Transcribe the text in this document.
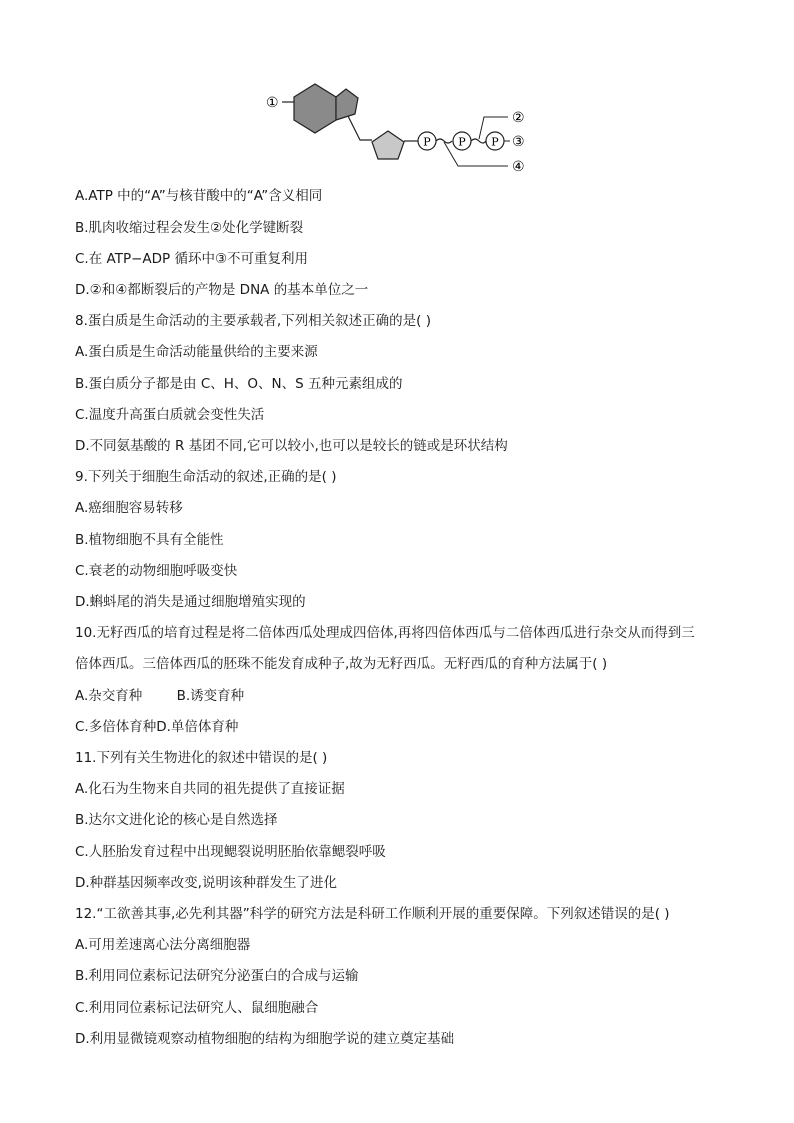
①
P
④
P
②
P ③
A.ATP 中的“A”与核苷酸中的“A”含义相同
B.肌肉收缩过程会发生②处化学键断裂
C.在 ATP−ADP 循环中③不可重复利用
D.②和④都断裂后的产物是 DNA 的基本单位之一
8.蛋白质是生命活动的主要承载者,下列相关叙述正确的是( )
A.蛋白质是生命活动能量供给的主要来源
B.蛋白质分子都是由 C、H、O、N、S 五种元素组成的
C.温度升高蛋白质就会变性失活
D.不同氨基酸的 R 基团不同,它可以较小,也可以是较长的链或是环状结构
9.下列关于细胞生命活动的叙述,正确的是( )
A.癌细胞容易转移
B.植物细胞不具有全能性
C.衰老的动物细胞呼吸变快
D.蝌蚪尾的消失是通过细胞增殖实现的
10.无籽西瓜的培育过程是将二倍体西瓜处理成四倍体,再将四倍体西瓜与二倍体西瓜进行杂交从而得到三
倍体西瓜。三倍体西瓜的胚珠不能发育成种子,故为无籽西瓜。无籽西瓜的育种方法属于( )
A.杂交育种        B.诱变育种
C.多倍体育种D.单倍体育种
11.下列有关生物进化的叙述中错误的是( )
A.化石为生物来自共同的祖先提供了直接证据
B.达尔文进化论的核心是自然选择
C.人胚胎发育过程中出现鳃裂说明胚胎依靠鳃裂呼吸
D.种群基因频率改变,说明该种群发生了进化
12.“工欲善其事,必先利其器”科学的研究方法是科研工作顺利开展的重要保障。下列叙述错误的是( )
A.可用差速离心法分离细胞器
B.利用同位素标记法研究分泌蛋白的合成与运输
C.利用同位素标记法研究人、鼠细胞融合
D.利用显微镜观察动植物细胞的结构为细胞学说的建立奠定基础
